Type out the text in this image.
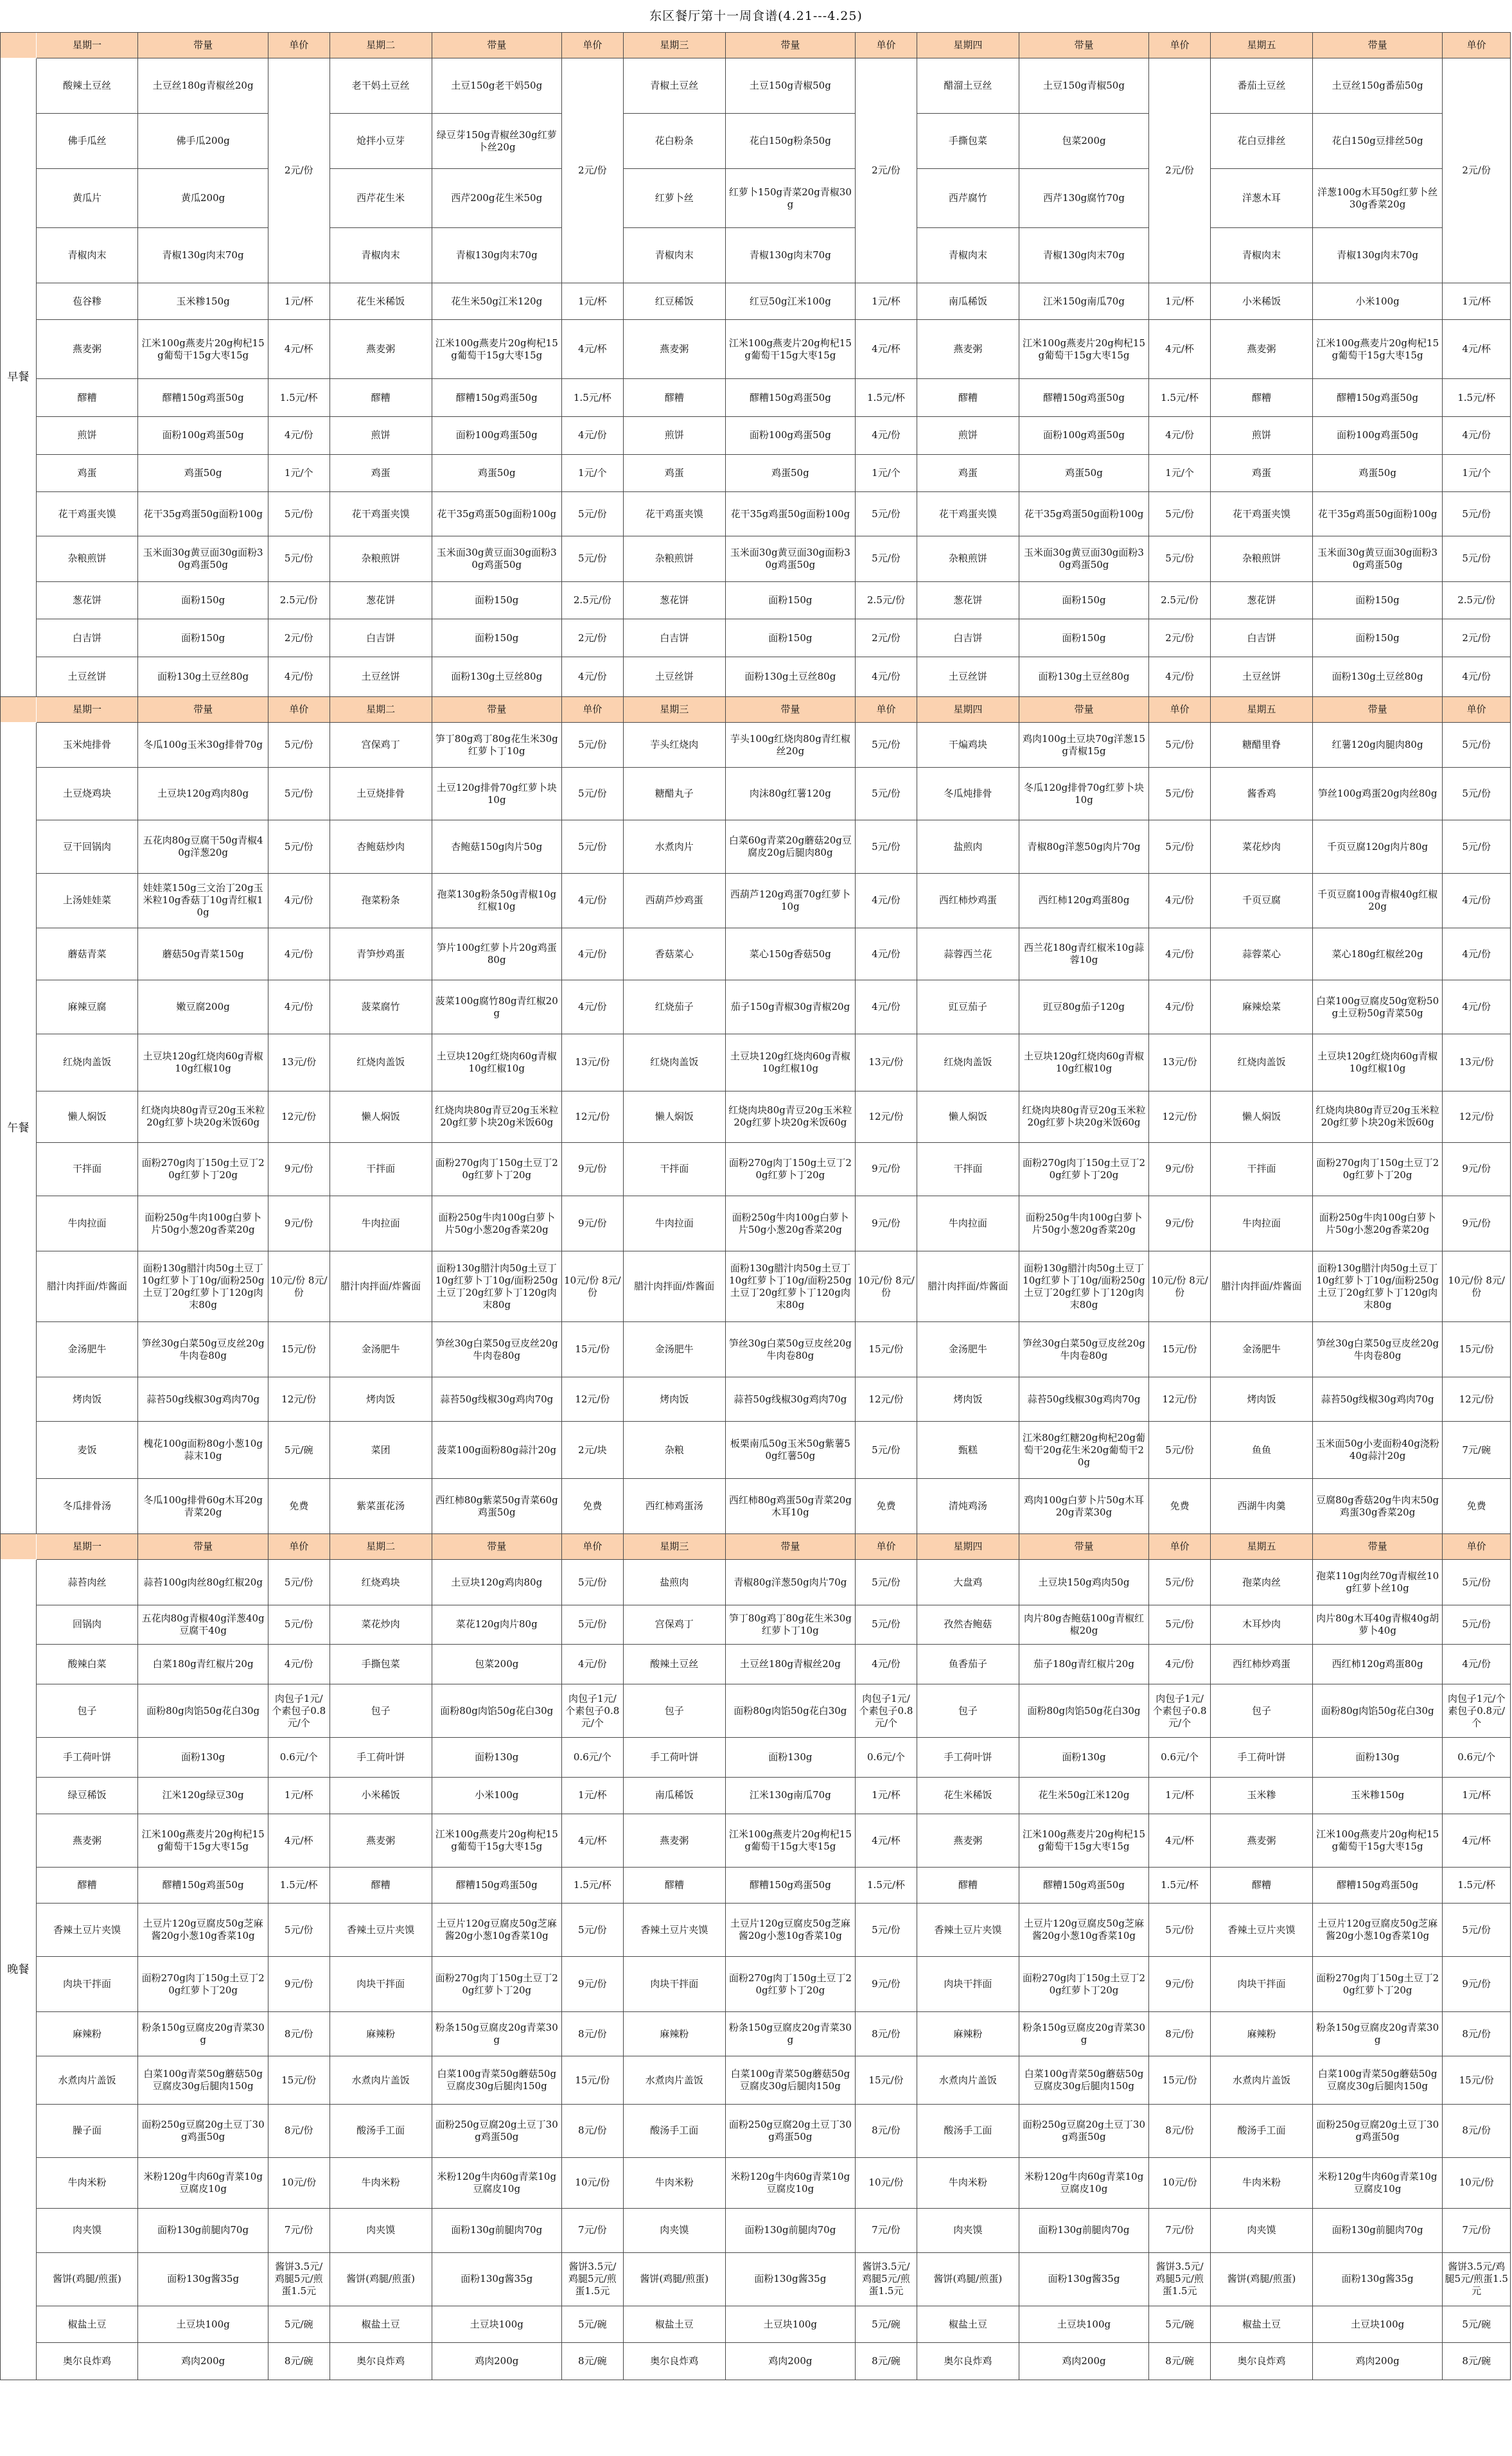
东区餐厅第十一周食谱(4.21---4.25)
	星期一	带量	单价	星期二	带量	单价	星期三	带量	单价	星期四	带量	单价	星期五	带量	单价
早餐	酸辣土豆丝	土豆丝180g青椒丝20g	2元/份	老干妈土豆丝	土豆150g老干妈50g	2元/份	青椒土豆丝	土豆150g青椒50g	2元/份	醋溜土豆丝	土豆150g青椒50g	2元/份	番茄土豆丝	土豆丝150g番茄50g	2元/份
	佛手瓜丝	佛手瓜200g		炝拌小豆芽	绿豆芽150g青椒丝30g红萝卜丝20g		花白粉条	花白150g粉条50g		手撕包菜	包菜200g		花白豆排丝	花白150g豆排丝50g	
	黄瓜片	黄瓜200g		西芹花生米	西芹200g花生米50g		红萝卜丝	红萝卜150g青菜20g青椒30g		西芹腐竹	西芹130g腐竹70g		洋葱木耳	洋葱100g木耳50g红萝卜丝30g香菜20g	
	青椒肉末	青椒130g肉末70g		青椒肉末	青椒130g肉末70g		青椒肉末	青椒130g肉末70g		青椒肉末	青椒130g肉末70g		青椒肉末	青椒130g肉末70g	
	苞谷糁	玉米糁150g	1元/杯	花生米稀饭	花生米50g江米120g	1元/杯	红豆稀饭	红豆50g江米100g	1元/杯	南瓜稀饭	江米150g南瓜70g	1元/杯	小米稀饭	小米100g	1元/杯
	燕麦粥	江米100g燕麦片20g枸杞15g葡萄干15g大枣15g	4元/杯	燕麦粥	江米100g燕麦片20g枸杞15g葡萄干15g大枣15g	4元/杯	燕麦粥	江米100g燕麦片20g枸杞15g葡萄干15g大枣15g	4元/杯	燕麦粥	江米100g燕麦片20g枸杞15g葡萄干15g大枣15g	4元/杯	燕麦粥	江米100g燕麦片20g枸杞15g葡萄干15g大枣15g	4元/杯
	醪糟	醪糟150g鸡蛋50g	1.5元/杯	醪糟	醪糟150g鸡蛋50g	1.5元/杯	醪糟	醪糟150g鸡蛋50g	1.5元/杯	醪糟	醪糟150g鸡蛋50g	1.5元/杯	醪糟	醪糟150g鸡蛋50g	1.5元/杯
	煎饼	面粉100g鸡蛋50g	4元/份	煎饼	面粉100g鸡蛋50g	4元/份	煎饼	面粉100g鸡蛋50g	4元/份	煎饼	面粉100g鸡蛋50g	4元/份	煎饼	面粉100g鸡蛋50g	4元/份
	鸡蛋	鸡蛋50g	1元/个	鸡蛋	鸡蛋50g	1元/个	鸡蛋	鸡蛋50g	1元/个	鸡蛋	鸡蛋50g	1元/个	鸡蛋	鸡蛋50g	1元/个
	花干鸡蛋夹馍	花干35g鸡蛋50g面粉100g	5元/份	花干鸡蛋夹馍	花干35g鸡蛋50g面粉100g	5元/份	花干鸡蛋夹馍	花干35g鸡蛋50g面粉100g	5元/份	花干鸡蛋夹馍	花干35g鸡蛋50g面粉100g	5元/份	花干鸡蛋夹馍	花干35g鸡蛋50g面粉100g	5元/份
	杂粮煎饼	玉米面30g黄豆面30g面粉30g鸡蛋50g	5元/份	杂粮煎饼	玉米面30g黄豆面30g面粉30g鸡蛋50g	5元/份	杂粮煎饼	玉米面30g黄豆面30g面粉30g鸡蛋50g	5元/份	杂粮煎饼	玉米面30g黄豆面30g面粉30g鸡蛋50g	5元/份	杂粮煎饼	玉米面30g黄豆面30g面粉30g鸡蛋50g	5元/份
	葱花饼	面粉150g	2.5元/份	葱花饼	面粉150g	2.5元/份	葱花饼	面粉150g	2.5元/份	葱花饼	面粉150g	2.5元/份	葱花饼	面粉150g	2.5元/份
	白吉饼	面粉150g	2元/份	白吉饼	面粉150g	2元/份	白吉饼	面粉150g	2元/份	白吉饼	面粉150g	2元/份	白吉饼	面粉150g	2元/份
	土豆丝饼	面粉130g土豆丝80g	4元/份	土豆丝饼	面粉130g土豆丝80g	4元/份	土豆丝饼	面粉130g土豆丝80g	4元/份	土豆丝饼	面粉130g土豆丝80g	4元/份	土豆丝饼	面粉130g土豆丝80g	4元/份
	星期一	带量	单价	星期二	带量	单价	星期三	带量	单价	星期四	带量	单价	星期五	带量	单价
午餐	玉米炖排骨	冬瓜100g玉米30g排骨70g	5元/份	宫保鸡丁	笋丁80g鸡丁80g花生米30g红萝卜丁10g	5元/份	芋头红烧肉	芋头100g红烧肉80g青红椒丝20g	5元/份	干煸鸡块	鸡肉100g土豆块70g洋葱15g青椒15g	5元/份	糖醋里脊	红薯120g肉腿肉80g	5元/份
	土豆烧鸡块	土豆块120g鸡肉80g	5元/份	土豆烧排骨	土豆120g排骨70g红萝卜块10g	5元/份	糖醋丸子	肉沫80g红薯120g	5元/份	冬瓜炖排骨	冬瓜120g排骨70g红萝卜块10g	5元/份	酱香鸡	笋丝100g鸡蛋20g肉丝80g	5元/份
	豆干回锅肉	五花肉80g豆腐干50g青椒40g洋葱20g	5元/份	杏鲍菇炒肉	杏鲍菇150g肉片50g	5元/份	水煮肉片	白菜60g青菜20g蘑菇20g豆腐皮20g后腿肉80g	5元/份	盐煎肉	青椒80g洋葱50g肉片70g	5元/份	菜花炒肉	千页豆腐120g肉片80g	5元/份
	上汤娃娃菜	娃娃菜150g三文治丁20g玉米粒10g香菇丁10g青红椒10g	4元/份	孢菜粉条	孢菜130g粉条50g青椒10g红椒10g	4元/份	西葫芦炒鸡蛋	西葫芦120g鸡蛋70g红萝卜10g	4元/份	西红柿炒鸡蛋	西红柿120g鸡蛋80g	4元/份	千页豆腐	千页豆腐100g青椒40g红椒20g	4元/份
	蘑菇青菜	蘑菇50g青菜150g	4元/份	青笋炒鸡蛋	笋片100g红萝卜片20g鸡蛋80g	4元/份	香菇菜心	菜心150g香菇50g	4元/份	蒜蓉西兰花	西兰花180g青红椒米10g蒜蓉10g	4元/份	蒜蓉菜心	菜心180g红椒丝20g	4元/份
	麻辣豆腐	嫩豆腐200g	4元/份	菠菜腐竹	菠菜100g腐竹80g青红椒20g	4元/份	红烧茄子	茄子150g青椒30g青椒20g	4元/份	豇豆茄子	豇豆80g茄子120g	4元/份	麻辣烩菜	白菜100g豆腐皮50g宽粉50g土豆粉50g青菜50g	4元/份
	红烧肉盖饭	土豆块120g红烧肉60g青椒10g红椒10g	13元/份	红烧肉盖饭	土豆块120g红烧肉60g青椒10g红椒10g	13元/份	红烧肉盖饭	土豆块120g红烧肉60g青椒10g红椒10g	13元/份	红烧肉盖饭	土豆块120g红烧肉60g青椒10g红椒10g	13元/份	红烧肉盖饭	土豆块120g红烧肉60g青椒10g红椒10g	13元/份
	懒人焖饭	红烧肉块80g青豆20g玉米粒20g红萝卜块20g米饭60g	12元/份	懒人焖饭	红烧肉块80g青豆20g玉米粒20g红萝卜块20g米饭60g	12元/份	懒人焖饭	红烧肉块80g青豆20g玉米粒20g红萝卜块20g米饭60g	12元/份	懒人焖饭	红烧肉块80g青豆20g玉米粒20g红萝卜块20g米饭60g	12元/份	懒人焖饭	红烧肉块80g青豆20g玉米粒20g红萝卜块20g米饭60g	12元/份
	干拌面	面粉270g肉丁150g土豆丁20g红萝卜丁20g	9元/份	干拌面	面粉270g肉丁150g土豆丁20g红萝卜丁20g	9元/份	干拌面	面粉270g肉丁150g土豆丁20g红萝卜丁20g	9元/份	干拌面	面粉270g肉丁150g土豆丁20g红萝卜丁20g	9元/份	干拌面	面粉270g肉丁150g土豆丁20g红萝卜丁20g	9元/份
	牛肉拉面	面粉250g牛肉100g白萝卜片50g小葱20g香菜20g	9元/份	牛肉拉面	面粉250g牛肉100g白萝卜片50g小葱20g香菜20g	9元/份	牛肉拉面	面粉250g牛肉100g白萝卜片50g小葱20g香菜20g	9元/份	牛肉拉面	面粉250g牛肉100g白萝卜片50g小葱20g香菜20g	9元/份	牛肉拉面	面粉250g牛肉100g白萝卜片50g小葱20g香菜20g	9元/份
	腊汁肉拌面/炸酱面	面粉130g腊汁肉50g土豆丁10g红萝卜丁10g/面粉250g土豆丁20g红萝卜丁120g肉末80g	10元/份 8元/份	腊汁肉拌面/炸酱面	面粉130g腊汁肉50g土豆丁10g红萝卜丁10g/面粉250g土豆丁20g红萝卜丁120g肉末80g	10元/份 8元/份	腊汁肉拌面/炸酱面	面粉130g腊汁肉50g土豆丁10g红萝卜丁10g/面粉250g土豆丁20g红萝卜丁120g肉末80g	10元/份 8元/份	腊汁肉拌面/炸酱面	面粉130g腊汁肉50g土豆丁10g红萝卜丁10g/面粉250g土豆丁20g红萝卜丁120g肉末80g	10元/份 8元/份	腊汁肉拌面/炸酱面	面粉130g腊汁肉50g土豆丁10g红萝卜丁10g/面粉250g土豆丁20g红萝卜丁120g肉末80g	10元/份 8元/份
	金汤肥牛	笋丝30g白菜50g豆皮丝20g牛肉卷80g	15元/份	金汤肥牛	笋丝30g白菜50g豆皮丝20g牛肉卷80g	15元/份	金汤肥牛	笋丝30g白菜50g豆皮丝20g牛肉卷80g	15元/份	金汤肥牛	笋丝30g白菜50g豆皮丝20g牛肉卷80g	15元/份	金汤肥牛	笋丝30g白菜50g豆皮丝20g牛肉卷80g	15元/份
	烤肉饭	蒜苔50g线椒30g鸡肉70g	12元/份	烤肉饭	蒜苔50g线椒30g鸡肉70g	12元/份	烤肉饭	蒜苔50g线椒30g鸡肉70g	12元/份	烤肉饭	蒜苔50g线椒30g鸡肉70g	12元/份	烤肉饭	蒜苔50g线椒30g鸡肉70g	12元/份
	麦饭	槐花100g面粉80g小葱10g蒜末10g	5元/碗	菜团	菠菜100g面粉80g蒜汁20g	2元/块	杂粮	板栗南瓜50g玉米50g紫薯50g红薯50g	5元/份	甄糕	江米80g红糖20g枸杞20g葡萄干20g花生米20g葡萄干20g	5元/份	鱼鱼	玉米面50g小麦面粉40g浇粉40g蒜汁20g	7元/碗
	冬瓜排骨汤	冬瓜100g排骨60g木耳20g青菜20g	免费	紫菜蛋花汤	西红柿80g紫菜50g青菜60g鸡蛋50g	免费	西红柿鸡蛋汤	西红柿80g鸡蛋50g青菜20g木耳10g	免费	清炖鸡汤	鸡肉100g白萝卜片50g木耳20g青菜30g	免费	西湖牛肉羹	豆腐80g香菇20g牛肉末50g鸡蛋30g香菜20g	免费
	星期一	带量	单价	星期二	带量	单价	星期三	带量	单价	星期四	带量	单价	星期五	带量	单价
晚餐	蒜苔肉丝	蒜苔100g肉丝80g红椒20g	5元/份	红烧鸡块	土豆块120g鸡肉80g	5元/份	盐煎肉	青椒80g洋葱50g肉片70g	5元/份	大盘鸡	土豆块150g鸡肉50g	5元/份	孢菜肉丝	孢菜110g肉丝70g青椒丝10g红萝卜丝10g	5元/份
	回锅肉	五花肉80g青椒40g洋葱40g豆腐干40g	5元/份	菜花炒肉	菜花120g肉片80g	5元/份	宫保鸡丁	笋丁80g鸡丁80g花生米30g红萝卜丁10g	5元/份	孜然杏鲍菇	肉片80g杏鲍菇100g青椒红椒20g	5元/份	木耳炒肉	肉片80g木耳40g青椒40g胡萝卜40g	5元/份
	酸辣白菜	白菜180g青红椒片20g	4元/份	手撕包菜	包菜200g	4元/份	酸辣土豆丝	土豆丝180g青椒丝20g	4元/份	鱼香茄子	茄子180g青红椒片20g	4元/份	西红柿炒鸡蛋	西红柿120g鸡蛋80g	4元/份
	包子	面粉80g肉馅50g花白30g	肉包子1元/个素包子0.8元/个	包子	面粉80g肉馅50g花白30g	肉包子1元/个素包子0.8元/个	包子	面粉80g肉馅50g花白30g	肉包子1元/个素包子0.8元/个	包子	面粉80g肉馅50g花白30g	肉包子1元/个素包子0.8元/个	包子	面粉80g肉馅50g花白30g	肉包子1元/个素包子0.8元/个
	手工荷叶饼	面粉130g	0.6元/个	手工荷叶饼	面粉130g	0.6元/个	手工荷叶饼	面粉130g	0.6元/个	手工荷叶饼	面粉130g	0.6元/个	手工荷叶饼	面粉130g	0.6元/个
	绿豆稀饭	江米120g绿豆30g	1元/杯	小米稀饭	小米100g	1元/杯	南瓜稀饭	江米130g南瓜70g	1元/杯	花生米稀饭	花生米50g江米120g	1元/杯	玉米糁	玉米糁150g	1元/杯
	燕麦粥	江米100g燕麦片20g枸杞15g葡萄干15g大枣15g	4元/杯	燕麦粥	江米100g燕麦片20g枸杞15g葡萄干15g大枣15g	4元/杯	燕麦粥	江米100g燕麦片20g枸杞15g葡萄干15g大枣15g	4元/杯	燕麦粥	江米100g燕麦片20g枸杞15g葡萄干15g大枣15g	4元/杯	燕麦粥	江米100g燕麦片20g枸杞15g葡萄干15g大枣15g	4元/杯
	醪糟	醪糟150g鸡蛋50g	1.5元/杯	醪糟	醪糟150g鸡蛋50g	1.5元/杯	醪糟	醪糟150g鸡蛋50g	1.5元/杯	醪糟	醪糟150g鸡蛋50g	1.5元/杯	醪糟	醪糟150g鸡蛋50g	1.5元/杯
	香辣土豆片夹馍	土豆片120g豆腐皮50g芝麻酱20g小葱10g香菜10g	5元/份	香辣土豆片夹馍	土豆片120g豆腐皮50g芝麻酱20g小葱10g香菜10g	5元/份	香辣土豆片夹馍	土豆片120g豆腐皮50g芝麻酱20g小葱10g香菜10g	5元/份	香辣土豆片夹馍	土豆片120g豆腐皮50g芝麻酱20g小葱10g香菜10g	5元/份	香辣土豆片夹馍	土豆片120g豆腐皮50g芝麻酱20g小葱10g香菜10g	5元/份
	肉块干拌面	面粉270g肉丁150g土豆丁20g红萝卜丁20g	9元/份	肉块干拌面	面粉270g肉丁150g土豆丁20g红萝卜丁20g	9元/份	肉块干拌面	面粉270g肉丁150g土豆丁20g红萝卜丁20g	9元/份	肉块干拌面	面粉270g肉丁150g土豆丁20g红萝卜丁20g	9元/份	肉块干拌面	面粉270g肉丁150g土豆丁20g红萝卜丁20g	9元/份
	麻辣粉	粉条150g豆腐皮20g青菜30g	8元/份	麻辣粉	粉条150g豆腐皮20g青菜30g	8元/份	麻辣粉	粉条150g豆腐皮20g青菜30g	8元/份	麻辣粉	粉条150g豆腐皮20g青菜30g	8元/份	麻辣粉	粉条150g豆腐皮20g青菜30g	8元/份
	水煮肉片盖饭	白菜100g青菜50g蘑菇50g豆腐皮30g后腿肉150g	15元/份	水煮肉片盖饭	白菜100g青菜50g蘑菇50g豆腐皮30g后腿肉150g	15元/份	水煮肉片盖饭	白菜100g青菜50g蘑菇50g豆腐皮30g后腿肉150g	15元/份	水煮肉片盖饭	白菜100g青菜50g蘑菇50g豆腐皮30g后腿肉150g	15元/份	水煮肉片盖饭	白菜100g青菜50g蘑菇50g豆腐皮30g后腿肉150g	15元/份
	臊子面	面粉250g豆腐20g土豆丁30g鸡蛋50g	8元/份	酸汤手工面	面粉250g豆腐20g土豆丁30g鸡蛋50g	8元/份	酸汤手工面	面粉250g豆腐20g土豆丁30g鸡蛋50g	8元/份	酸汤手工面	面粉250g豆腐20g土豆丁30g鸡蛋50g	8元/份	酸汤手工面	面粉250g豆腐20g土豆丁30g鸡蛋50g	8元/份
	牛肉米粉	米粉120g牛肉60g青菜10g豆腐皮10g	10元/份	牛肉米粉	米粉120g牛肉60g青菜10g豆腐皮10g	10元/份	牛肉米粉	米粉120g牛肉60g青菜10g豆腐皮10g	10元/份	牛肉米粉	米粉120g牛肉60g青菜10g豆腐皮10g	10元/份	牛肉米粉	米粉120g牛肉60g青菜10g豆腐皮10g	10元/份
	肉夹馍	面粉130g前腿肉70g	7元/份	肉夹馍	面粉130g前腿肉70g	7元/份	肉夹馍	面粉130g前腿肉70g	7元/份	肉夹馍	面粉130g前腿肉70g	7元/份	肉夹馍	面粉130g前腿肉70g	7元/份
	酱饼(鸡腿/煎蛋)	面粉130g酱35g	酱饼3.5元/鸡腿5元/煎蛋1.5元	酱饼(鸡腿/煎蛋)	面粉130g酱35g	酱饼3.5元/鸡腿5元/煎蛋1.5元	酱饼(鸡腿/煎蛋)	面粉130g酱35g	酱饼3.5元/鸡腿5元/煎蛋1.5元	酱饼(鸡腿/煎蛋)	面粉130g酱35g	酱饼3.5元/鸡腿5元/煎蛋1.5元	酱饼(鸡腿/煎蛋)	面粉130g酱35g	酱饼3.5元/鸡腿5元/煎蛋1.5元
	椒盐土豆	土豆块100g	5元/碗	椒盐土豆	土豆块100g	5元/碗	椒盐土豆	土豆块100g	5元/碗	椒盐土豆	土豆块100g	5元/碗	椒盐土豆	土豆块100g	5元/碗
	奥尔良炸鸡	鸡肉200g	8元/碗	奥尔良炸鸡	鸡肉200g	8元/碗	奥尔良炸鸡	鸡肉200g	8元/碗	奥尔良炸鸡	鸡肉200g	8元/碗	奥尔良炸鸡	鸡肉200g	8元/碗
